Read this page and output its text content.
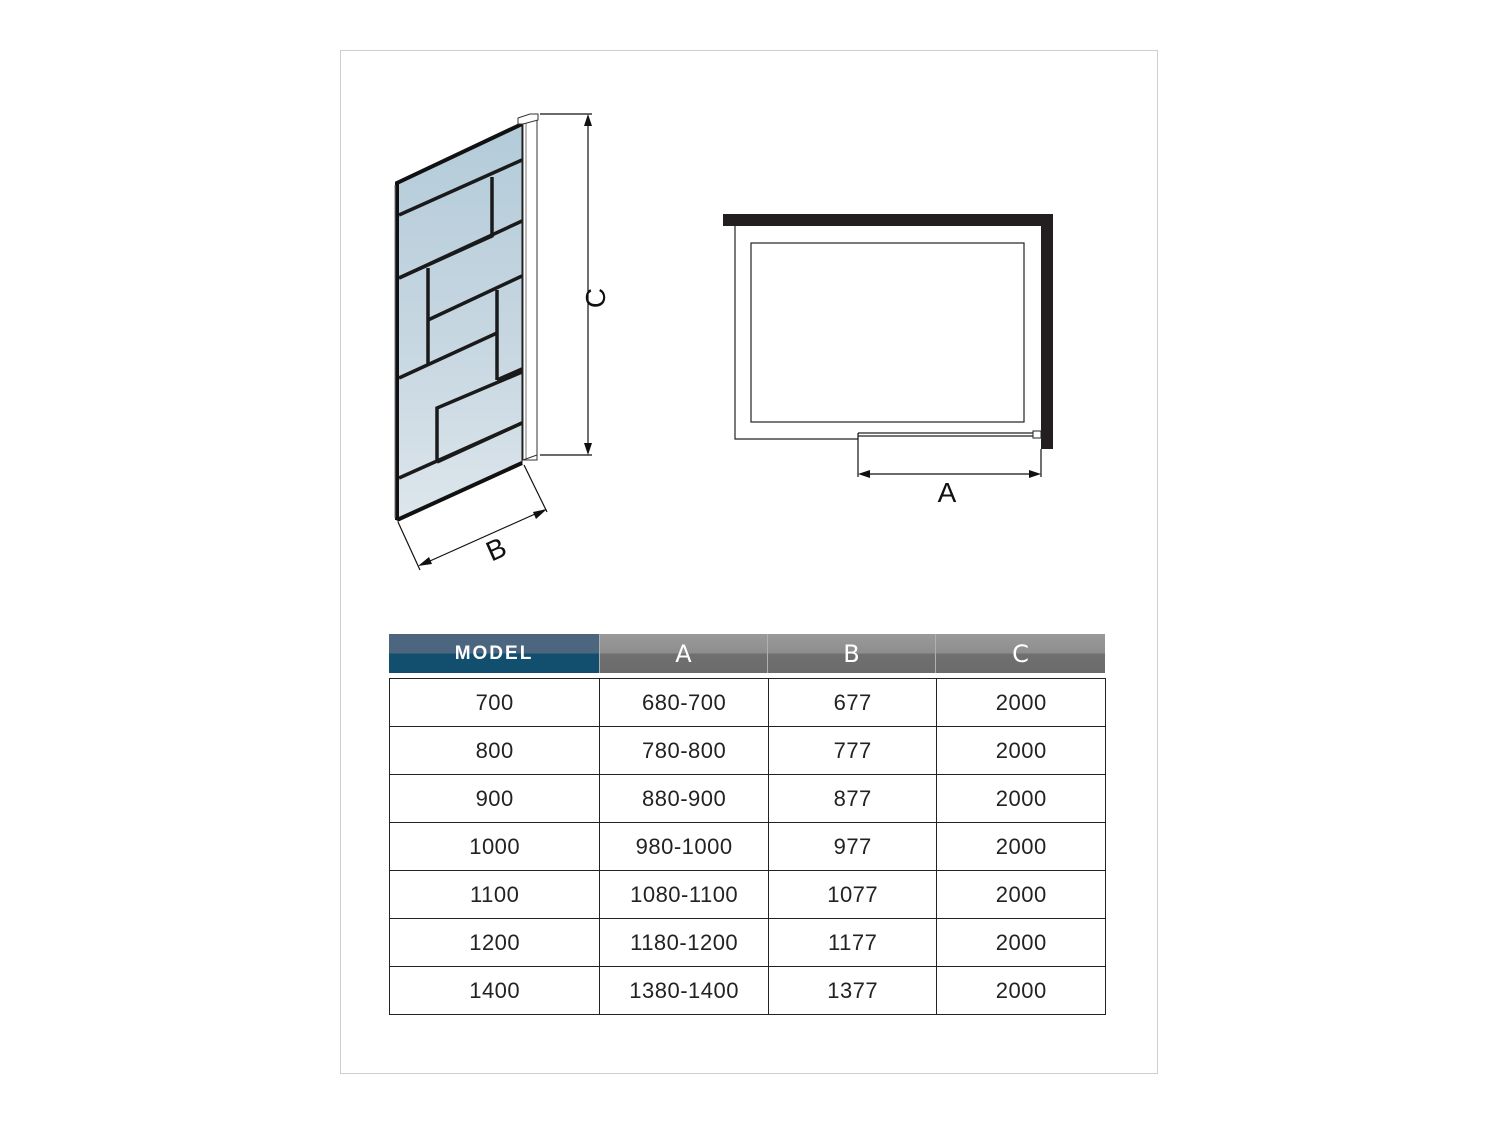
C
B
A
MODEL	A	B	C
700	680-700	677	2000
800	780-800	777	2000
900	880-900	877	2000
1000	980-1000	977	2000
1100	1080-1100	1077	2000
1200	1180-1200	1177	2000
1400	1380-1400	1377	2000
